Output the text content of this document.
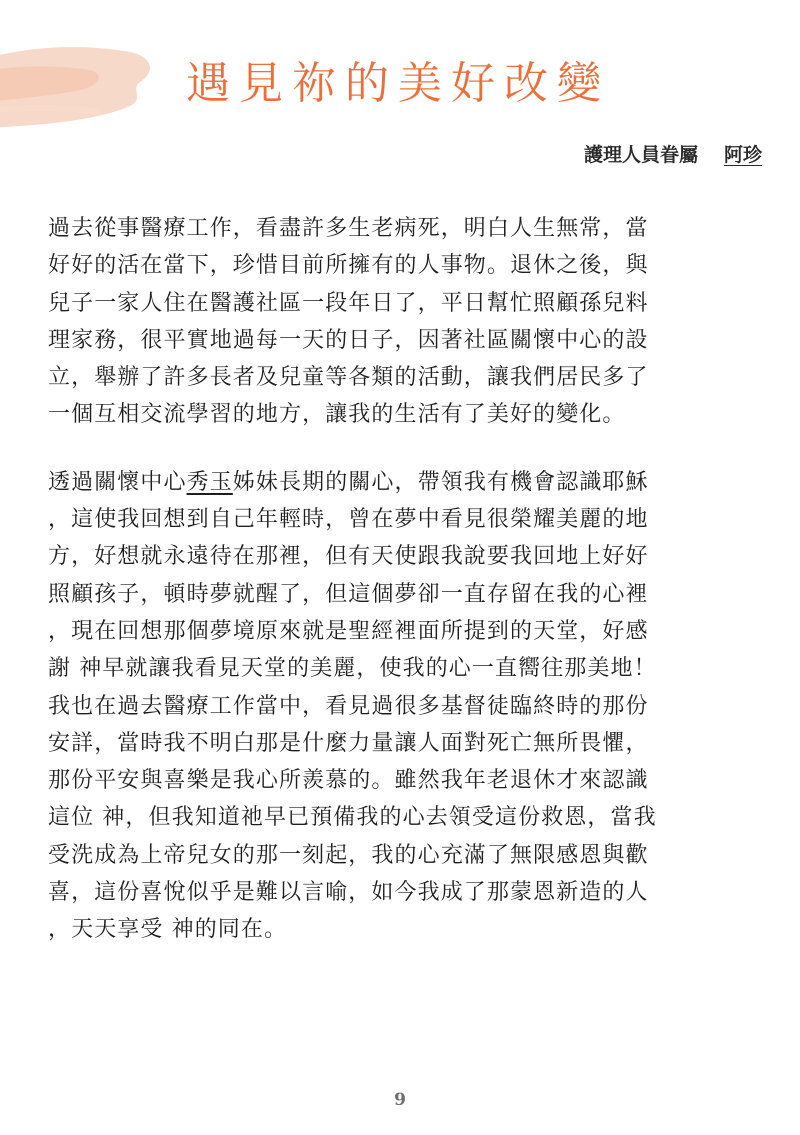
遇見祢的美好改變
護理人員眷屬 阿珍

過去從事醫療工作，看盡許多生老病死，明白人生無常，當
好好的活在當下，珍惜目前所擁有的人事物。退休之後，與
兒子一家人住在醫護社區一段年日了，平日幫忙照顧孫兒料
理家務，很平實地過每一天的日子，因著社區關懷中心的設
立，舉辦了許多長者及兒童等各類的活動，讓我們居民多了
一個互相交流學習的地方，讓我的生活有了美好的變化。

透過關懷中心秀玉姊妹長期的關心，帶領我有機會認識耶穌
，這使我回想到自己年輕時，曾在夢中看見很榮耀美麗的地
方，好想就永遠待在那裡，但有天使跟我說要我回地上好好
照顧孩子，頓時夢就醒了，但這個夢卻一直存留在我的心裡
，現在回想那個夢境原來就是聖經裡面所提到的天堂，好感
謝 神早就讓我看見天堂的美麗，使我的心一直嚮往那美地！
我也在過去醫療工作當中，看見過很多基督徒臨終時的那份
安詳，當時我不明白那是什麼力量讓人面對死亡無所畏懼，
那份平安與喜樂是我心所羨慕的。雖然我年老退休才來認識
這位 神，但我知道祂早已預備我的心去領受這份救恩，當我
受洗成為上帝兒女的那一刻起，我的心充滿了無限感恩與歡
喜，這份喜悅似乎是難以言喻，如今我成了那蒙恩新造的人
，天天享受 神的同在。

9
